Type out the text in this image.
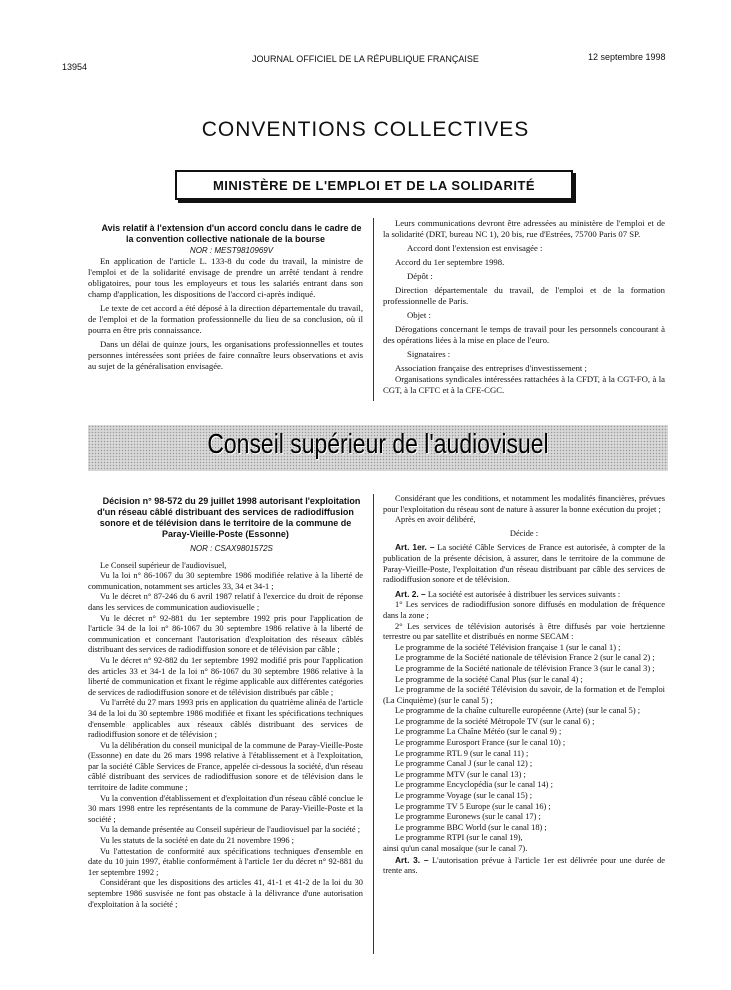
13954
JOURNAL OFFICIEL DE LA RÉPUBLIQUE FRANÇAISE	12 septembre 1998
CONVENTIONS COLLECTIVES
MINISTÈRE DE L'EMPLOI ET DE LA SOLIDARITÉ

Avis relatif à l'extension d'un accord conclu dans le cadre de la convention collective nationale de la bourse

NOR : MESТ9810969V

En application de l'article L. 133-8 du code du travail, la ministre de l'emploi et de la solidarité envisage de prendre un arrêté tendant à rendre obligatoires, pour tous les employeurs et tous les salariés entrant dans son champ d'application, les dispositions de l'accord ci-après indiqué.

Le texte de cet accord a été déposé à la direction départementale du travail, de l'emploi et de la formation professionnelle du lieu de sa conclusion, où il pourra en être pris connaissance.

Dans un délai de quinze jours, les organisations professionnelles et toutes personnes intéressées sont priées de faire connaître leurs observations et avis au sujet de la généralisation envisagée.

Leurs communications devront être adressées au ministère de l'emploi et de la solidarité (DRT, bureau NC 1), 20 bis, rue d'Estrées, 75700 Paris 07 SP.

Accord dont l'extension est envisagée :

Accord du 1er septembre 1998.

Dépôt :

Direction départementale du travail, de l'emploi et de la formation professionnelle de Paris.

Objet :

Dérogations concernant le temps de travail pour les personnels concourant à des opérations liées à la mise en place de l'euro.

Signataires :

Association française des entreprises d'investissement ;

Organisations syndicales intéressées rattachées à la CFDT, à la CGT-FO, à la CGT, à la CFTC et à la CFE-CGC.

Conseil supérieur de l'audiovisuel

Décision n° 98-572 du 29 juillet 1998 autorisant l'exploitation d'un réseau câblé distribuant des services de radiodiffusion sonore et de télévision dans le territoire de la commune de Paray-Vieille-Poste (Essonne)

NOR : CSAX9801572S

Le Conseil supérieur de l'audiovisuel,

Vu la loi n° 86-1067 du 30 septembre 1986 modifiée relative à la liberté de communication, notamment ses articles 33, 34 et 34-1 ;

Vu le décret n° 87-246 du 6 avril 1987 relatif à l'exercice du droit de réponse dans les services de communication audiovisuelle ;

Vu le décret n° 92-881 du 1er septembre 1992 pris pour l'application de l'article 34 de la loi n° 86-1067 du 30 septembre 1986 relative à la liberté de communication et concernant l'autorisation d'exploitation des réseaux câblés distribuant des services de radiodiffusion sonore et de télévision par câble ;

Vu le décret n° 92-882 du 1er septembre 1992 modifié pris pour l'application des articles 33 et 34-1 de la loi n° 86-1067 du 30 septembre 1986 relative à la liberté de communication et fixant le régime applicable aux différentes catégories de services de radiodiffusion sonore et de télévision distribués par câble ;

Vu l'arrêté du 27 mars 1993 pris en application du quatrième alinéa de l'article 34 de la loi du 30 septembre 1986 modifiée et fixant les spécifications techniques d'ensemble applicables aux réseaux câblés distribuant des services de radiodiffusion sonore et de télévision ;

Vu la délibération du conseil municipal de la commune de Paray-Vieille-Poste (Essonne) en date du 26 mars 1998 relative à l'établissement et à l'exploitation, par la société Câble Services de France, appelée ci-dessous la société, d'un réseau câblé distribuant des services de radiodiffusion sonore et de télévision dans le territoire de ladite commune ;

Vu la convention d'établissement et d'exploitation d'un réseau câblé conclue le 30 mars 1998 entre les représentants de la commune de Paray-Vieille-Poste et la société ;

Vu la demande présentée au Conseil supérieur de l'audiovisuel par la société ;

Vu les statuts de la société en date du 21 novembre 1996 ;

Vu l'attestation de conformité aux spécifications techniques d'ensemble en date du 10 juin 1997, établie conformément à l'article 1er du décret n° 92-881 du 1er septembre 1992 ;

Considérant que les dispositions des articles 41, 41-1 et 41-2 de la loi du 30 septembre 1986 susvisée ne font pas obstacle à la délivrance d'une autorisation d'exploitation à la société ;

Considérant que les conditions, et notamment les modalités financières, prévues pour l'exploitation du réseau sont de nature à assurer la bonne exécution du projet ;

Après en avoir délibéré,

Décide :

Art. 1er. – La société Câble Services de France est autorisée, à compter de la publication de la présente décision, à assurer, dans le territoire de la commune de Paray-Vieille-Poste, l'exploitation d'un réseau distribuant par câble des services de radiodiffusion sonore et de télévision.

Art. 2. – La société est autorisée à distribuer les services suivants :

1° Les services de radiodiffusion sonore diffusés en modulation de fréquence dans la zone ;

2° Les services de télévision autorisés à être diffusés par voie hertzienne terrestre ou par satellite et distribués en norme SECAM :

Le programme de la société Télévision française 1 (sur le canal 1) ;

Le programme de la Société nationale de télévision France 2 (sur le canal 2) ;

Le programme de la Société nationale de télévision France 3 (sur le canal 3) ;

Le programme de la société Canal Plus (sur le canal 4) ;

Le programme de la société Télévision du savoir, de la formation et de l'emploi (La Cinquième) (sur le canal 5) ;

Le programme de la chaîne culturelle européenne (Arte) (sur le canal 5) ;

Le programme de la société Métropole TV (sur le canal 6) ;

Le programme La Chaîne Météo (sur le canal 9) ;

Le programme Eurosport France (sur le canal 10) ;

Le programme RTL 9 (sur le canal 11) ;

Le programme Canal J (sur le canal 12) ;

Le programme MTV (sur le canal 13) ;

Le programme Encyclopédia (sur le canal 14) ;

Le programme Voyage (sur le canal 15) ;

Le programme TV 5 Europe (sur le canal 16) ;

Le programme Euronews (sur le canal 17) ;

Le programme BBC World (sur le canal 18) ;

Le programme RTPI (sur le canal 19),

ainsi qu'un canal mosaïque (sur le canal 7).

Art. 3. – L'autorisation prévue à l'article 1er est délivrée pour une durée de trente ans.
